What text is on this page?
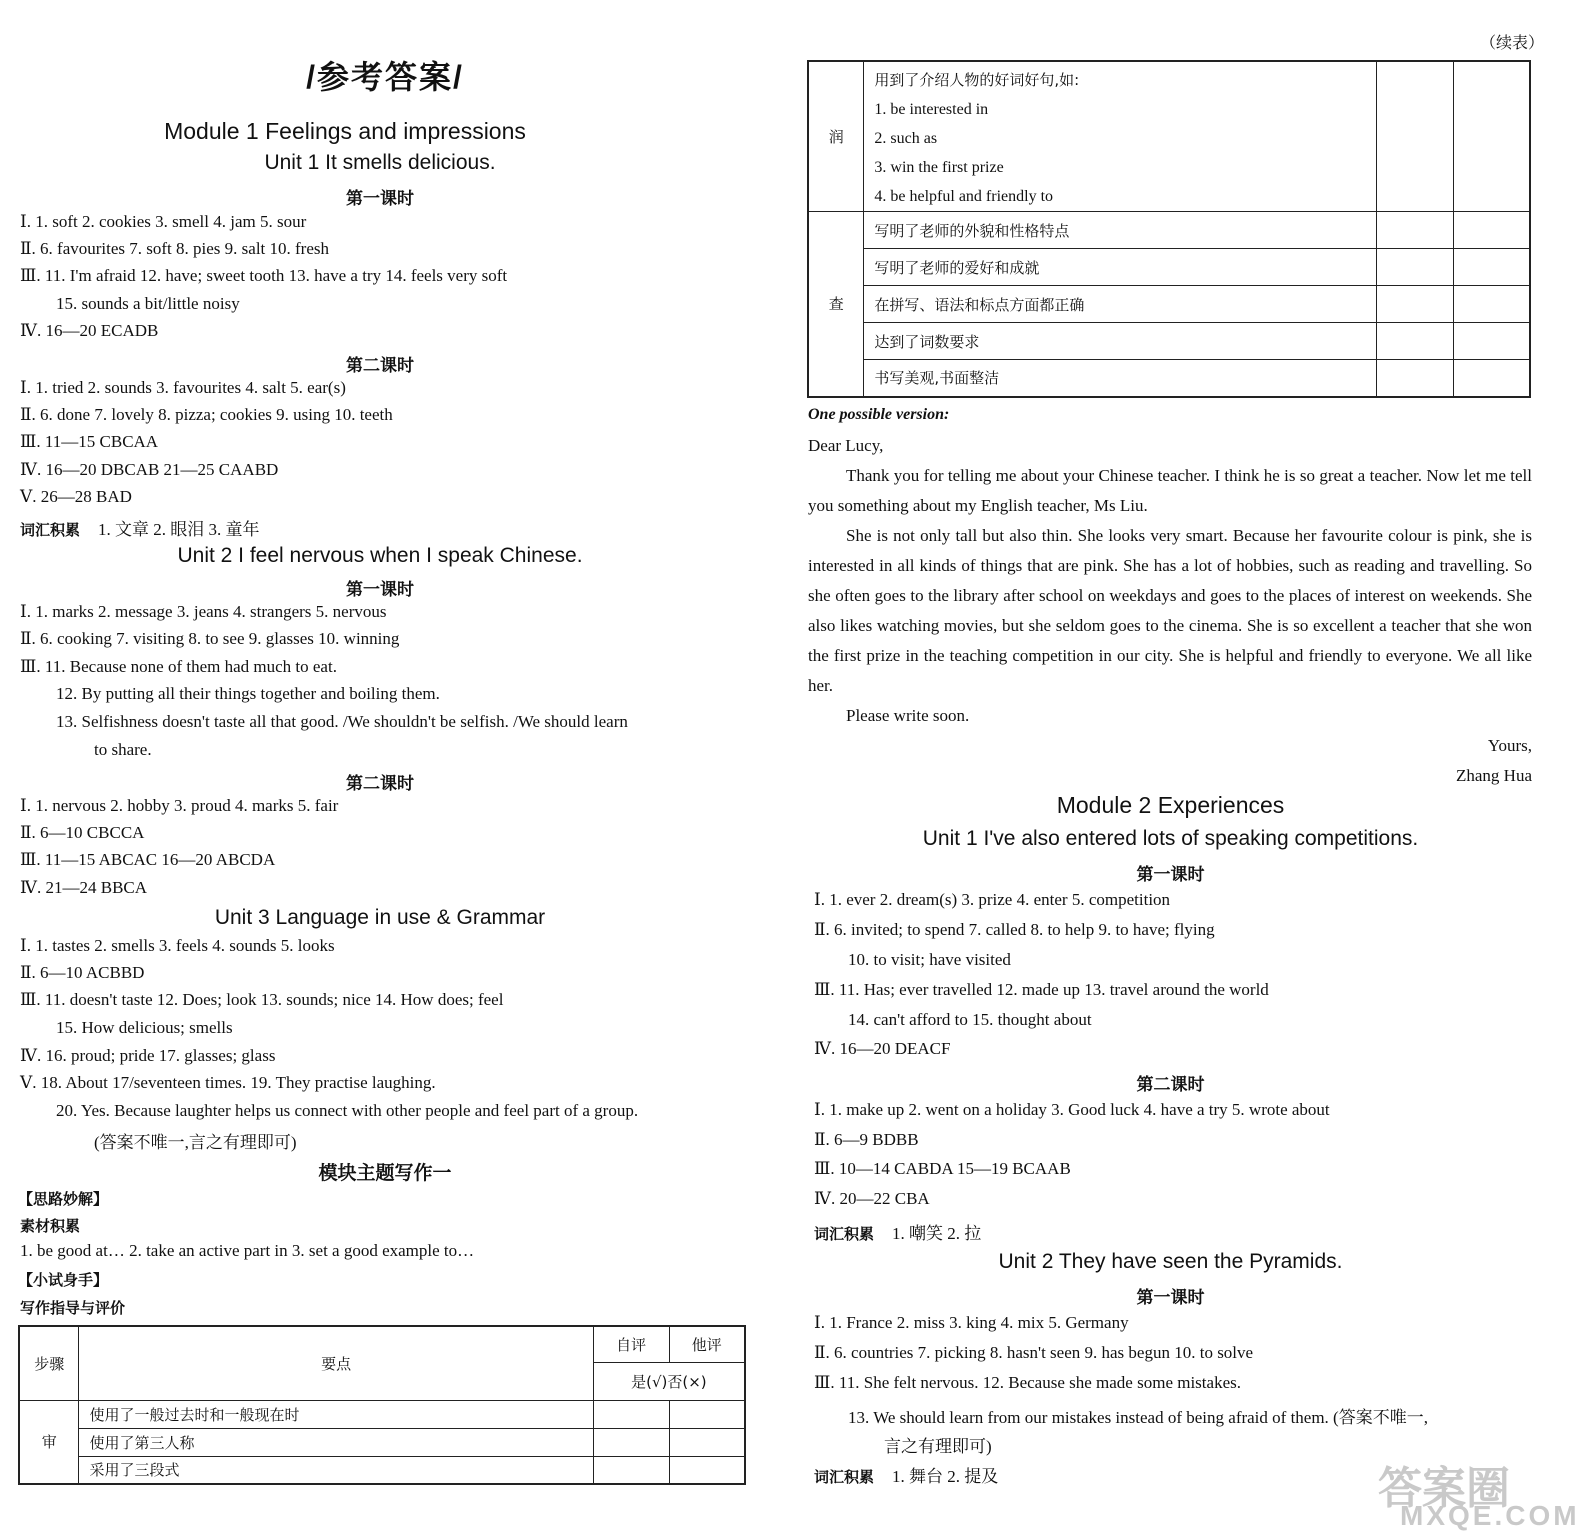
/参考答案/
Module 1 Feelings and impressions
Unit 1 It smells delicious.
第一课时
Ⅰ. 1. soft 2. cookies 3. smell 4. jam 5. sour
Ⅱ. 6. favourites 7. soft 8. pies 9. salt 10. fresh
Ⅲ. 11. I'm afraid 12. have; sweet tooth 13. have a try 14. feels very soft
15. sounds a bit/little noisy
Ⅳ. 16—20 ECADB
第二课时
Ⅰ. 1. tried 2. sounds 3. favourites 4. salt 5. ear(s)
Ⅱ. 6. done 7. lovely 8. pizza; cookies 9. using 10. teeth
Ⅲ. 11—15 CBCAA
Ⅳ. 16—20 DBCAB 21—25 CAABD
Ⅴ. 26—28 BAD
词汇积累 1. 文章 2. 眼泪 3. 童年
Unit 2 I feel nervous when I speak Chinese.
第一课时
Ⅰ. 1. marks 2. message 3. jeans 4. strangers 5. nervous
Ⅱ. 6. cooking 7. visiting 8. to see 9. glasses 10. winning
Ⅲ. 11. Because none of them had much to eat.
12. By putting all their things together and boiling them.
13. Selfishness doesn't taste all that good. /We shouldn't be selfish. /We should learn
to share.
第二课时
Ⅰ. 1. nervous 2. hobby 3. proud 4. marks 5. fair
Ⅱ. 6—10 CBCCA
Ⅲ. 11—15 ABCAC 16—20 ABCDA
Ⅳ. 21—24 BBCA
Unit 3 Language in use & Grammar
Ⅰ. 1. tastes 2. smells 3. feels 4. sounds 5. looks
Ⅱ. 6—10 ACBBD
Ⅲ. 11. doesn't taste 12. Does; look 13. sounds; nice 14. How does; feel
15. How delicious; smells
Ⅳ. 16. proud; pride 17. glasses; glass
Ⅴ. 18. About 17/seventeen times. 19. They practise laughing.
20. Yes. Because laughter helps us connect with other people and feel part of a group.
(答案不唯一,言之有理即可)
模块主题写作一
【思路妙解】
素材积累
1. be good at… 2. take an active part in 3. set a good example to…
【小试身手】
写作指导与评价
步骤	要点	自评	他评
		是(√)否(×)	
审	使用了一般过去时和一般现在时		
	使用了第三人称		
	采用了三段式		
（续表）
润	用到了介绍人物的好词好句,如:
1. be interested in
2. such as
3. win the first prize
4. be helpful and friendly to		

查	写明了老师的外貌和性格特点		
	写明了老师的爱好和成就		
	在拼写、语法和标点方面都正确		
	达到了词数要求		
	书写美观,书面整洁		
One possible version:

Dear Lucy,

Thank you for telling me about your Chinese teacher. I think he is so great a teacher. Now let me tell you something about my English teacher, Ms Liu.

She is not only tall but also thin. She looks very smart. Because her favourite colour is pink, she is interested in all kinds of things that are pink. She has a lot of hobbies, such as reading and travelling. So she often goes to the library after school on weekdays and goes to the places of interest on weekends. She also likes watching movies, but she seldom goes to the cinema. She is so excellent a teacher that she won the first prize in the teaching competition in our city. She is helpful and friendly to everyone. We all like her.

Please write soon.

Yours,

Zhang Hua

Module 2 Experiences
Unit 1 I've also entered lots of speaking competitions.
第一课时
Ⅰ. 1. ever 2. dream(s) 3. prize 4. enter 5. competition
Ⅱ. 6. invited; to spend 7. called 8. to help 9. to have; flying
10. to visit; have visited
Ⅲ. 11. Has; ever travelled 12. made up 13. travel around the world
14. can't afford to 15. thought about
Ⅳ. 16—20 DEACF
第二课时
Ⅰ. 1. make up 2. went on a holiday 3. Good luck 4. have a try 5. wrote about
Ⅱ. 6—9 BDBB
Ⅲ. 10—14 CABDA 15—19 BCAAB
Ⅳ. 20—22 CBA
词汇积累 1. 嘲笑 2. 拉
Unit 2 They have seen the Pyramids.
第一课时
Ⅰ. 1. France 2. miss 3. king 4. mix 5. Germany
Ⅱ. 6. countries 7. picking 8. hasn't seen 9. has begun 10. to solve
Ⅲ. 11. She felt nervous. 12. Because she made some mistakes.
13. We should learn from our mistakes instead of being afraid of them. (答案不唯一,
言之有理即可)
词汇积累 1. 舞台 2. 提及	答案圈
MXQE.COM
